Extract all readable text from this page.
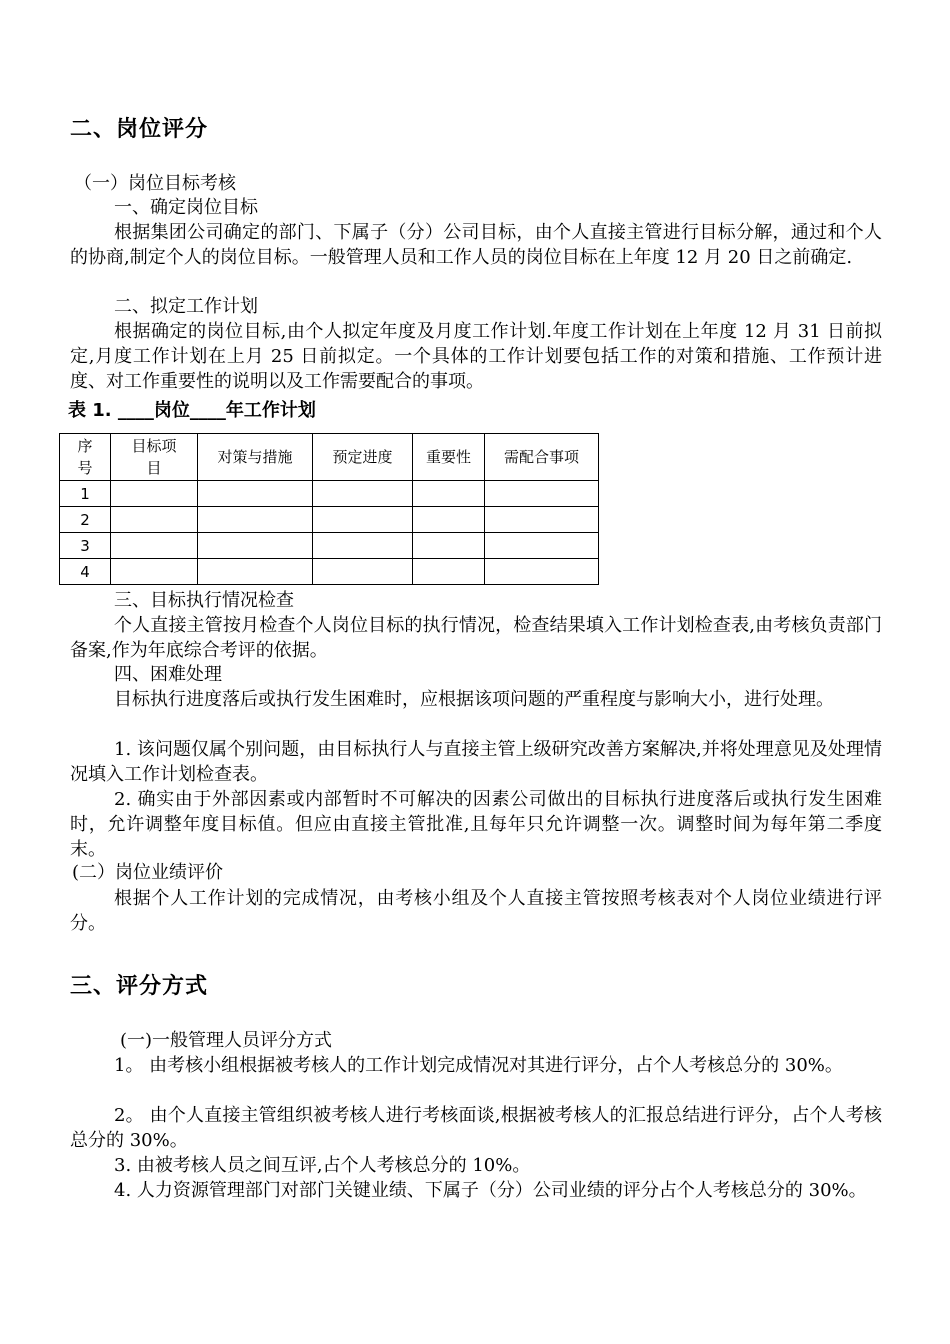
二、岗位评分
（一）岗位目标考核
一、确定岗位目标
根据集团公司确定的部门、下属子（分）公司目标，由个人直接主管进行目标分解，通过和个人的协商,制定个人的岗位目标。一般管理人员和工作人员的岗位目标在上年度 12 月 20 日之前确定.
二、拟定工作计划
根据确定的岗位目标,由个人拟定年度及月度工作计划.年度工作计划在上年度 12 月 31 日前拟定,月度工作计划在上月 25 日前拟定。一个具体的工作计划要包括工作的对策和措施、工作预计进度、对工作重要性的说明以及工作需要配合的事项。
表 1. ____岗位____年工作计划
序号	目标项目	对策与措施	预定进度	重要性	需配合事项
1					
2					
3					
4					
三、目标执行情况检查
个人直接主管按月检查个人岗位目标的执行情况，检查结果填入工作计划检查表,由考核负责部门备案,作为年底综合考评的依据。
四、困难处理
目标执行进度落后或执行发生困难时，应根据该项问题的严重程度与影响大小，进行处理。
1. 该问题仅属个别问题，由目标执行人与直接主管上级研究改善方案解决,并将处理意见及处理情况填入工作计划检查表。
2. 确实由于外部因素或内部暂时不可解决的因素公司做出的目标执行进度落后或执行发生困难时，允许调整年度目标值。但应由直接主管批准,且每年只允许调整一次。调整时间为每年第二季度末。
(二）岗位业绩评价
根据个人工作计划的完成情况，由考核小组及个人直接主管按照考核表对个人岗位业绩进行评分。
三、评分方式
(一)一般管理人员评分方式
1。 由考核小组根据被考核人的工作计划完成情况对其进行评分，占个人考核总分的 30%。
2。 由个人直接主管组织被考核人进行考核面谈,根据被考核人的汇报总结进行评分，占个人考核总分的 30%。
3. 由被考核人员之间互评,占个人考核总分的 10%。
4. 人力资源管理部门对部门关键业绩、下属子（分）公司业绩的评分占个人考核总分的 30%。
